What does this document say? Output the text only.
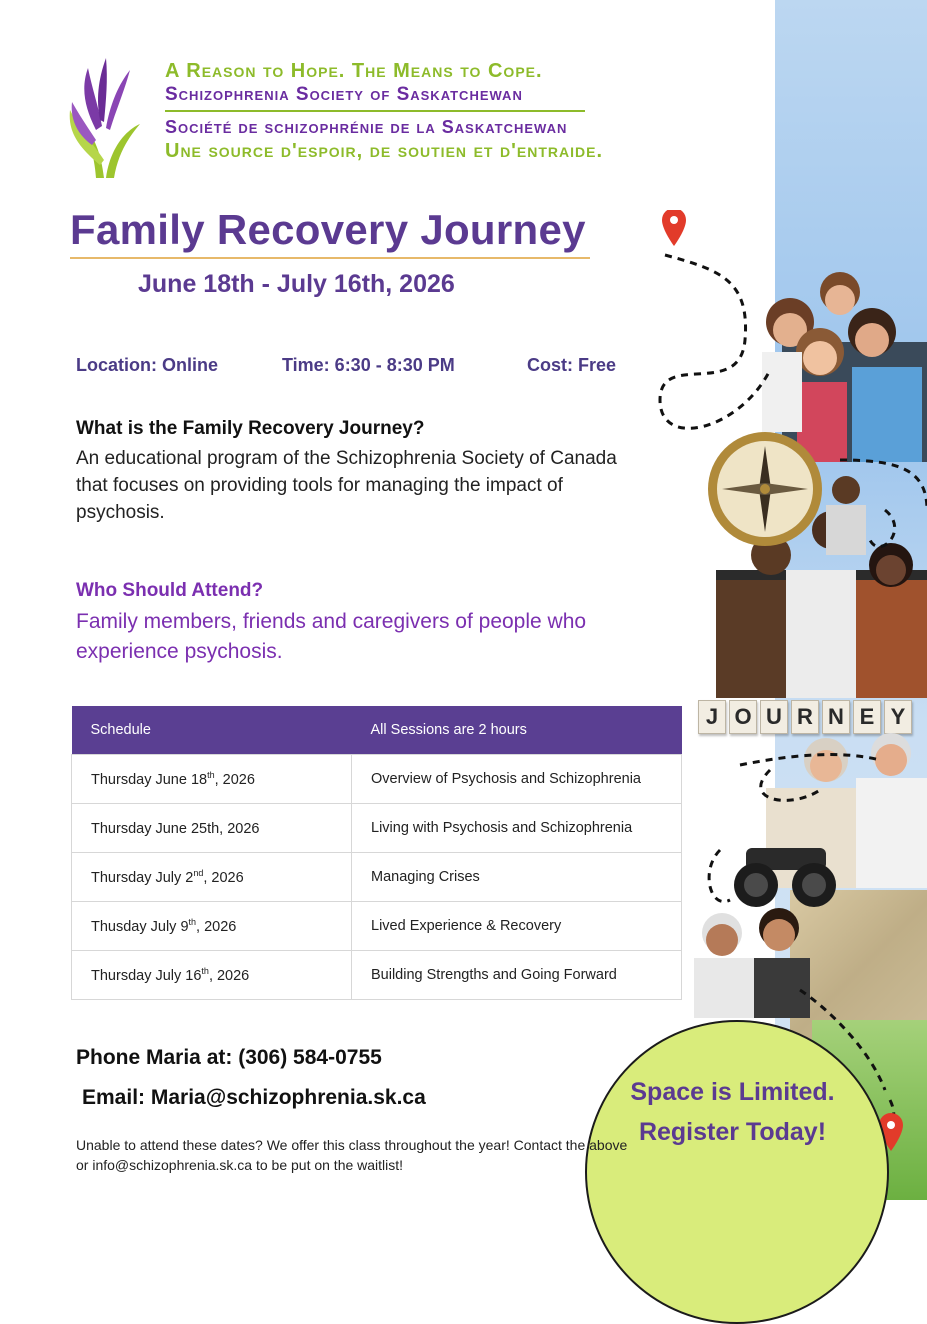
J O U R N E Y
Space is Limited.
Register Today!
A Reason to Hope. The Means to Cope.
Schizophrenia Society of Saskatchewan
Société de schizophrénie de la Saskatchewan
Une source d'espoir, de soutien et d'entraide.
Family Recovery Journey
June 18th - July 16th, 2026
Location: Online	Time: 6:30 - 8:30 PM	Cost: Free
What is the Family Recovery Journey?
An educational program of the Schizophrenia Society of Canada that focuses on providing tools for managing the impact of psychosis.
Who Should Attend?
Family members, friends and caregivers of people who experience psychosis.
Schedule	All Sessions are 2 hours
Thursday June 18th, 2026	Overview of Psychosis and Schizophrenia
Thursday June 25th, 2026	Living with Psychosis and Schizophrenia
Thursday July 2nd, 2026	Managing Crises
Thusday July 9th, 2026	Lived Experience & Recovery
Thursday July 16th, 2026	Building Strengths and Going Forward
Phone Maria at: (306) 584-0755
Email: Maria@schizophrenia.sk.ca
Unable to attend these dates? We offer this class throughout the year! Contact the above or info@schizophrenia.sk.ca to be put on the waitlist!
